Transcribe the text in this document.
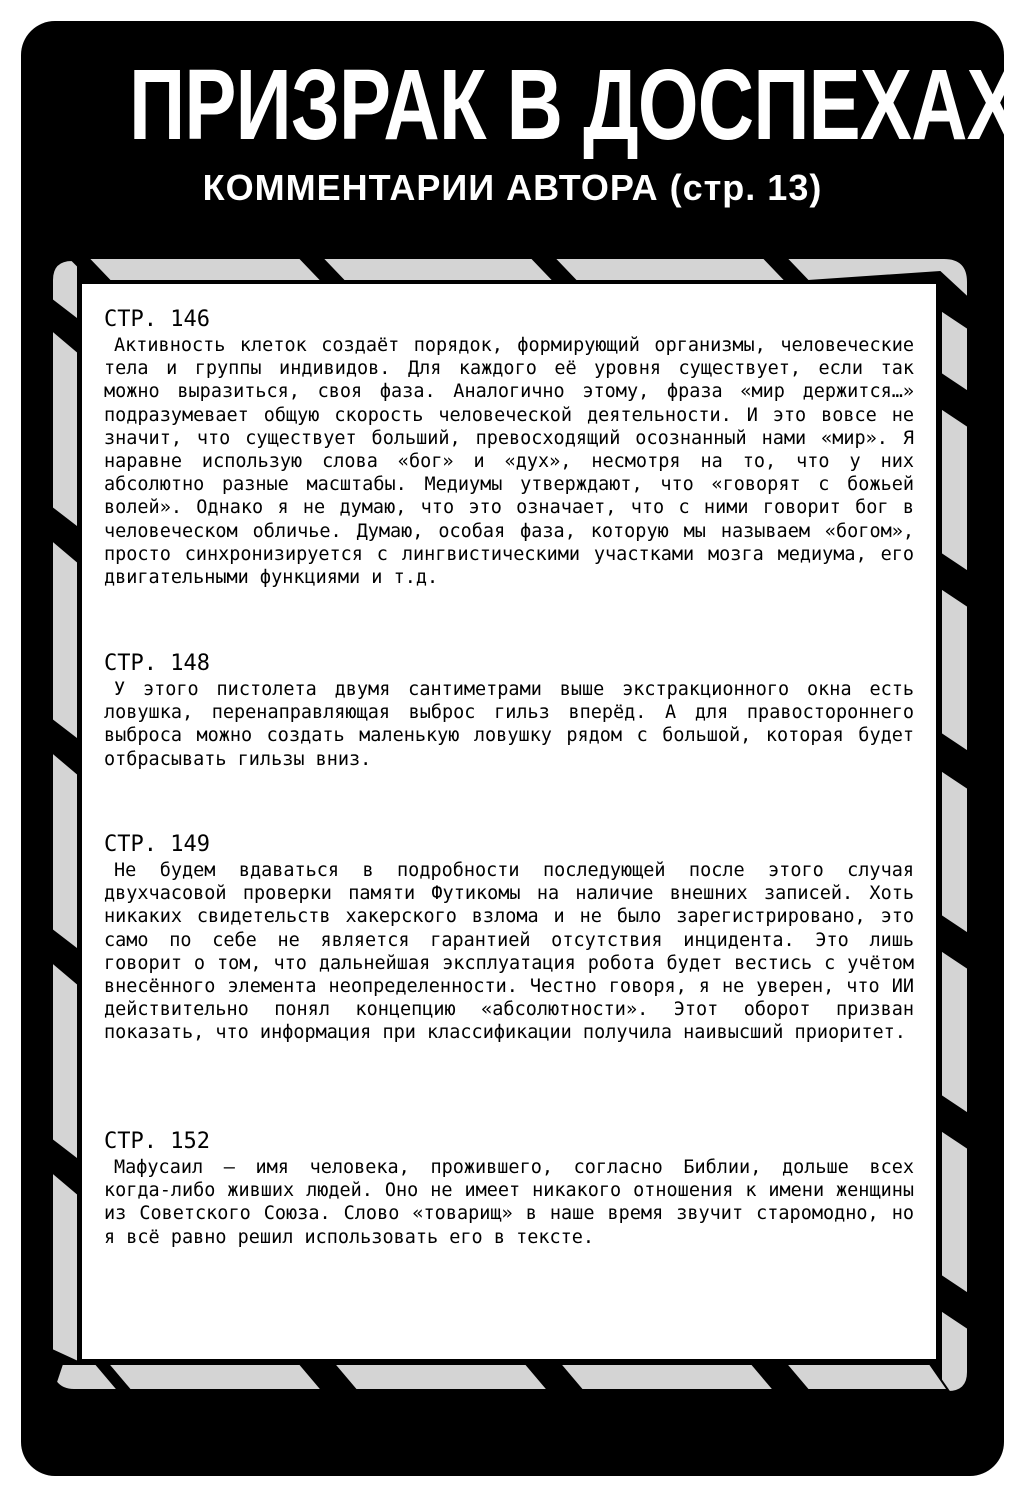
ПРИЗРАК В ДОСПЕХАХ
КОММЕНТАРИИ АВТОРА (стр. 13)
СТР. 146
Активность клеток создаёт порядок, формирующий организмы, человеческие тела и группы индивидов. Для каждого её уровня существует, если так можно выразиться, своя фаза. Аналогично этому, фраза «мир держится…» подразумевает общую скорость человеческой деятельности. И это вовсе не значит, что существует больший, превосходящий осознанный нами «мир». Я наравне использую слова «бог» и «дух», несмотря на то, что у них абсолютно разные масштабы. Медиумы утверждают, что «говорят с божьей волей». Однако я не думаю, что это означает, что с ними говорит бог в человеческом обличье. Думаю, особая фаза, которую мы называем «богом», просто синхронизируется с лингвистическими участками мозга медиума, его двигательными функциями и т.д.
СТР. 148
У этого пистолета двумя сантиметрами выше экстракционного окна есть ловушка, перенаправляющая выброс гильз вперёд. А для правостороннего выброса можно создать маленькую ловушку рядом с большой, которая будет отбрасывать гильзы вниз.
СТР. 149
Не будем вдаваться в подробности последующей после этого случая двухчасовой проверки памяти Футикомы на наличие внешних записей. Хоть никаких свидетельств хакерского взлома и не было зарегистрировано, это само по себе не является гарантией отсутствия инцидента. Это лишь говорит о том, что дальнейшая эксплуатация робота будет вестись с учётом внесённого элемента неопределенности. Честно говоря, я не уверен, что ИИ действительно понял концепцию «абсолютности». Этот оборот призван показать, что информация при классификации получила наивысший приоритет.
СТР. 152
Мафусаил – имя человека, прожившего, согласно Библии, дольше всех когда-либо живших людей. Оно не имеет никакого отношения к имени женщины из Советского Союза. Слово «товарищ» в наше время звучит старомодно, но я всё равно решил использовать его в тексте.
